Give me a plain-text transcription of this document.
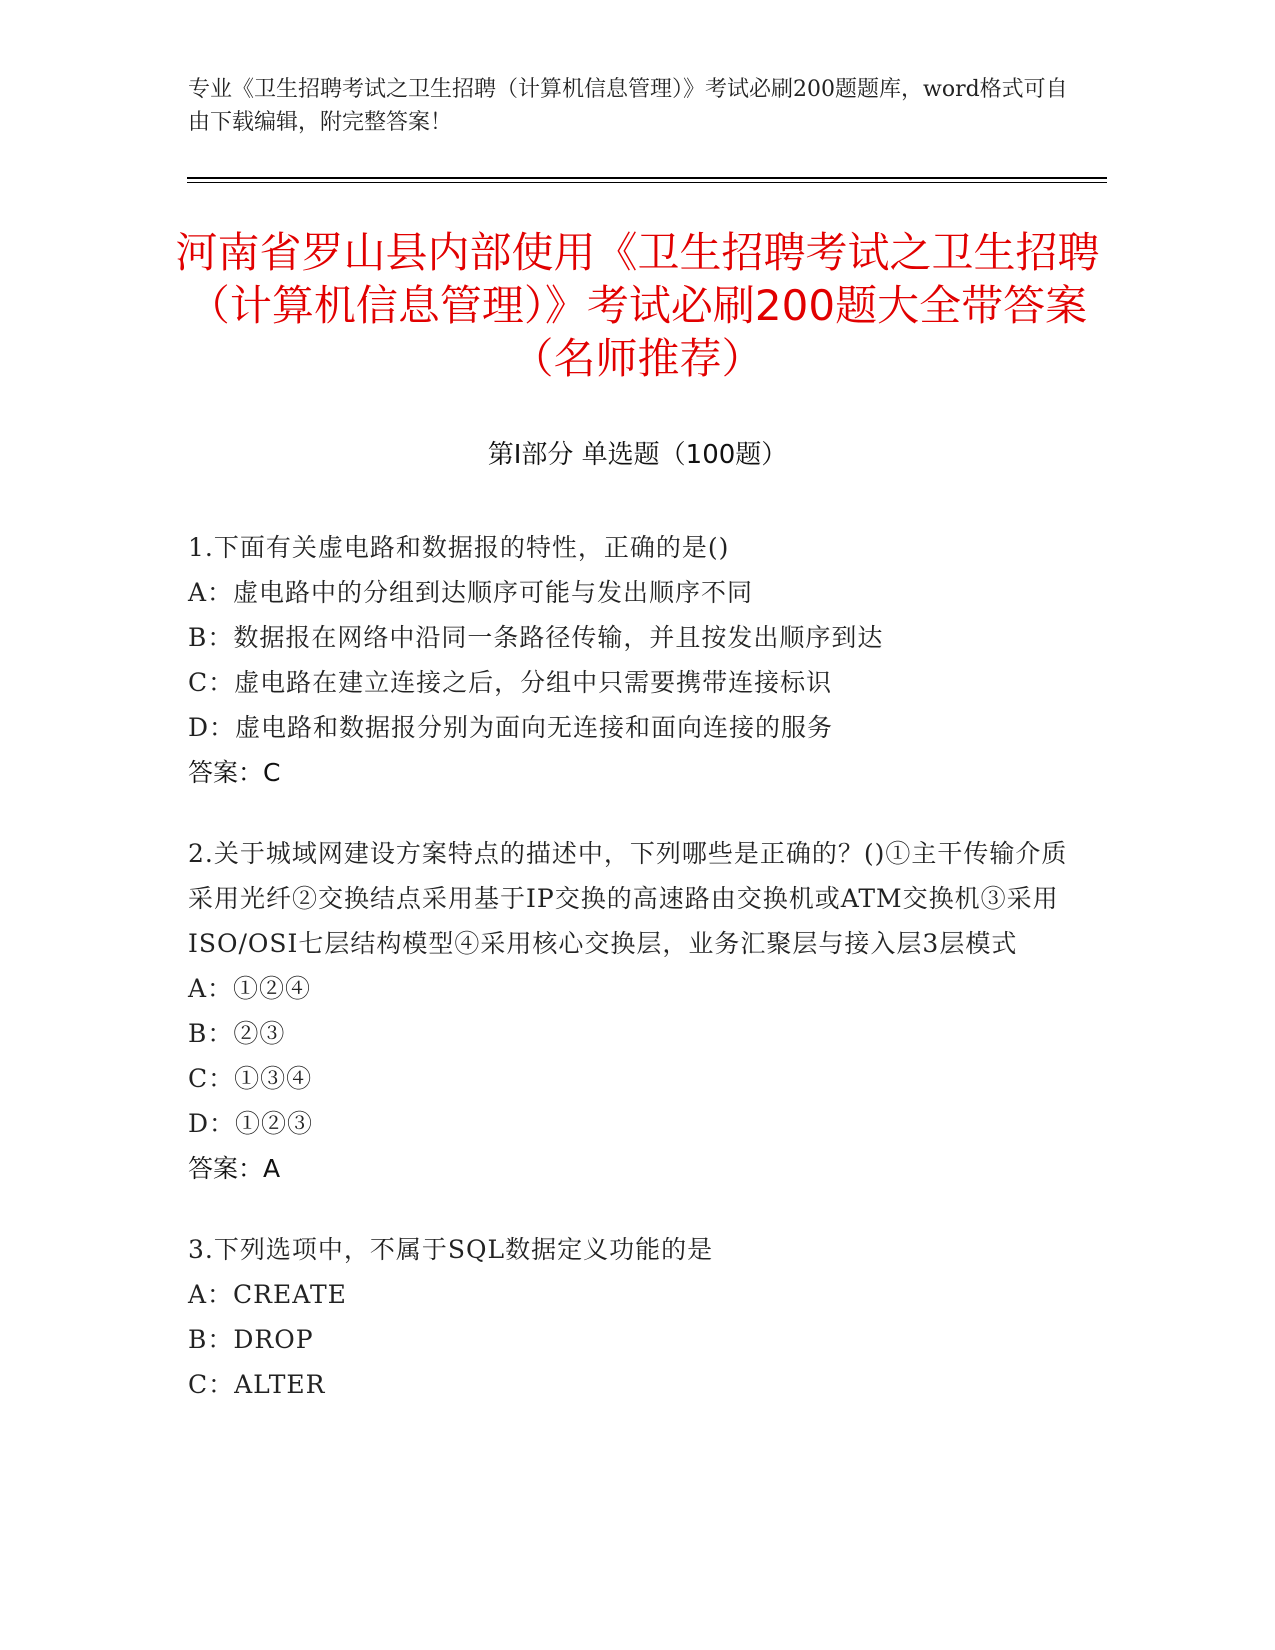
专业《卫生招聘考试之卫生招聘（计算机信息管理）》考试必刷200题题库，word格式可自由下载编辑，附完整答案！
河南省罗山县内部使用《卫生招聘考试之卫生招聘（计算机信息管理）》考试必刷200题大全带答案（名师推荐）
第I部分 单选题（100题）
1.下面有关虚电路和数据报的特性，正确的是()
A：虚电路中的分组到达顺序可能与发出顺序不同
B：数据报在网络中沿同一条路径传输，并且按发出顺序到达
C：虚电路在建立连接之后，分组中只需要携带连接标识
D：虚电路和数据报分别为面向无连接和面向连接的服务
答案：C
2.关于城域网建设方案特点的描述中，下列哪些是正确的？()①主干传输介质采用光纤②交换结点采用基于IP交换的高速路由交换机或ATM交换机③采用ISO/OSI七层结构模型④采用核心交换层，业务汇聚层与接入层3层模式
A：①②④
B：②③
C：①③④
D：①②③
答案：A
3.下列选项中，不属于SQL数据定义功能的是
A：CREATE
B：DROP
C：ALTER
